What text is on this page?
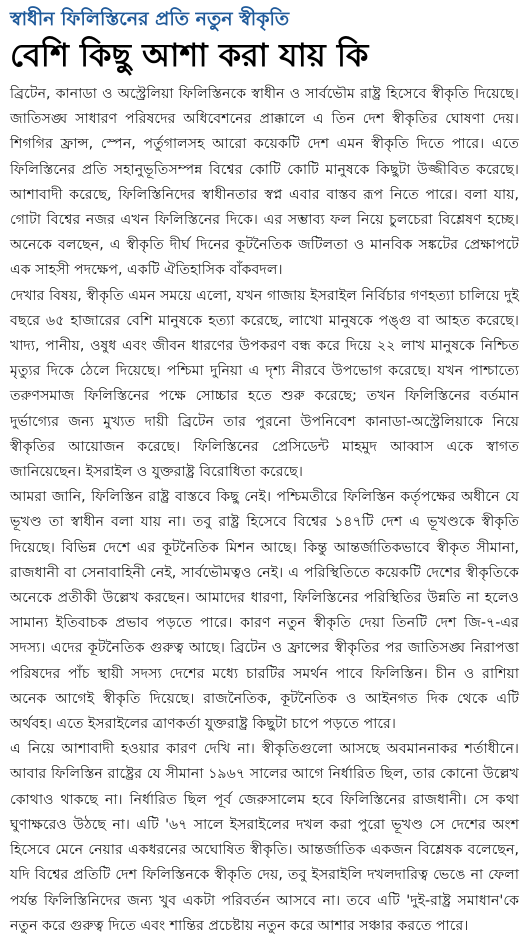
স্বাধীন ফিলিস্তিনের প্রতি নতুন স্বীকৃতি
বেশি কিছু আশা করা যায় কি

ব্রিটেন, কানাডা ও অস্ট্রেলিয়া ফিলিস্তিনকে স্বাধীন ও সার্বভৌম রাষ্ট্র হিসেবে স্বীকৃতি দিয়েছে। জাতিসঙ্ঘ সাধারণ পরিষদের অধিবেশনের প্রাক্কালে এ তিন দেশ স্বীকৃতির ঘোষণা দেয়। শিগগির ফ্রান্স, স্পেন, পর্তুগালসহ আরো কয়েকটি দেশ এমন স্বীকৃতি দিতে পারে। এতে ফিলিস্তিনের প্রতি সহানুভূতিসম্পন্ন বিশ্বের কোটি কোটি মানুষকে কিছুটা উজ্জীবিত করেছে। আশাবাদী করেছে, ফিলিস্তিনিদের স্বাধীনতার স্বপ্ন এবার বাস্তব রূপ নিতে পারে। বলা যায়, গোটা বিশ্বের নজর এখন ফিলিস্তিনের দিকে। এর সম্ভাব্য ফল নিয়ে চুলচেরা বিশ্লেষণ হচ্ছে। অনেকে বলছেন, এ স্বীকৃতি দীর্ঘ দিনের কূটনৈতিক জটিলতা ও মানবিক সঙ্কটের প্রেক্ষাপটে এক সাহসী পদক্ষেপ, একটি ঐতিহাসিক বাঁকবদল।

দেখার বিষয়, স্বীকৃতি এমন সময়ে এলো, যখন গাজায় ইসরাইল নির্বিচার গণহত্যা চালিয়ে দুই বছরে ৬৫ হাজারের বেশি মানুষকে হত্যা করেছে, লাখো মানুষকে পঙ্গু বা আহত করেছে। খাদ্য, পানীয়, ওষুধ এবং জীবন ধারণের উপকরণ বন্ধ করে দিয়ে ২২ লাখ মানুষকে নিশ্চিত মৃত্যুর দিকে ঠেলে দিয়েছে। পশ্চিমা দুনিয়া এ দৃশ্য নীরবে উপভোগ করেছে। যখন পাশ্চাত্যে তরুণসমাজ ফিলিস্তিনের পক্ষে সোচ্চার হতে শুরু করেছে; তখন ফিলিস্তিনের বর্তমান দুর্ভাগ্যের জন্য মুখ্যত দায়ী ব্রিটেন তার পুরনো উপনিবেশ কানাডা-অস্ট্রেলিয়াকে নিয়ে স্বীকৃতির আয়োজন করেছে। ফিলিস্তিনের প্রেসিডেন্ট মাহমুদ আব্বাস একে স্বাগত জানিয়েছেন। ইসরাইল ও যুক্তরাষ্ট্র বিরোধিতা করেছে।

আমরা জানি, ফিলিস্তিন রাষ্ট্র বাস্তবে কিছু নেই। পশ্চিমতীরে ফিলিস্তিন কর্তৃপক্ষের অধীনে যে ভূখণ্ড তা স্বাধীন বলা যায় না। তবু রাষ্ট্র হিসেবে বিশ্বের ১৪৭টি দেশ এ ভূখণ্ডকে স্বীকৃতি দিয়েছে। বিভিন্ন দেশে এর কূটনৈতিক মিশন আছে। কিন্তু আন্তর্জাতিকভাবে স্বীকৃত সীমানা, রাজধানী বা সেনাবাহিনী নেই, সার্বভৌমত্বও নেই। এ পরিস্থিতিতে কয়েকটি দেশের স্বীকৃতিকে অনেকে প্রতীকী উল্লেখ করছেন। আমাদের ধারণা, ফিলিস্তিনের পরিস্থিতির উন্নতি না হলেও সামান্য ইতিবাচক প্রভাব পড়তে পারে। কারণ নতুন স্বীকৃতি দেয়া তিনটি দেশ জি-৭-এর সদস্য। এদের কূটনৈতিক গুরুত্ব আছে। ব্রিটেন ও ফ্রান্সের স্বীকৃতির পর জাতিসঙ্ঘ নিরাপত্তা পরিষদের পাঁচ স্থায়ী সদস্য দেশের মধ্যে চারটির সমর্থন পাবে ফিলিস্তিন। চীন ও রাশিয়া অনেক আগেই স্বীকৃতি দিয়েছে। রাজনৈতিক, কূটনৈতিক ও আইনগত দিক থেকে এটি অর্থবহ। এতে ইসরাইলের ত্রাণকর্তা যুক্তরাষ্ট্র কিছুটা চাপে পড়তে পারে।

এ নিয়ে আশাবাদী হওয়ার কারণ দেখি না। স্বীকৃতিগুলো আসছে অবমাননাকর শর্তাধীনে। আবার ফিলিস্তিন রাষ্ট্রের যে সীমানা ১৯৬৭ সালের আগে নির্ধারিত ছিল, তার কোনো উল্লেখ কোথাও থাকছে না। নির্ধারিত ছিল পূর্ব জেরুসালেম হবে ফিলিস্তিনের রাজধানী। সে কথা ঘুণাক্ষরেও উঠছে না। এটি '৬৭ সালে ইসরাইলের দখল করা পুরো ভূখণ্ড সে দেশের অংশ হিসেবে মেনে নেয়ার একধরনের অঘোষিত স্বীকৃতি। আন্তর্জাতিক একজন বিশ্লেষক বলেছেন, যদি বিশ্বের প্রতিটি দেশ ফিলিস্তিনকে স্বীকৃতি দেয়, তবু ইসরাইলি দখলদারিত্ব ভেঙে না ফেলা পর্যন্ত ফিলিস্তিনিদের জন্য খুব একটা পরিবর্তন আসবে না। তবে এটি 'দুই-রাষ্ট্র সমাধান'কে নতুন করে গুরুত্ব দিতে এবং শান্তির প্রচেষ্টায় নতুন করে আশার সঞ্চার করতে পারে।
